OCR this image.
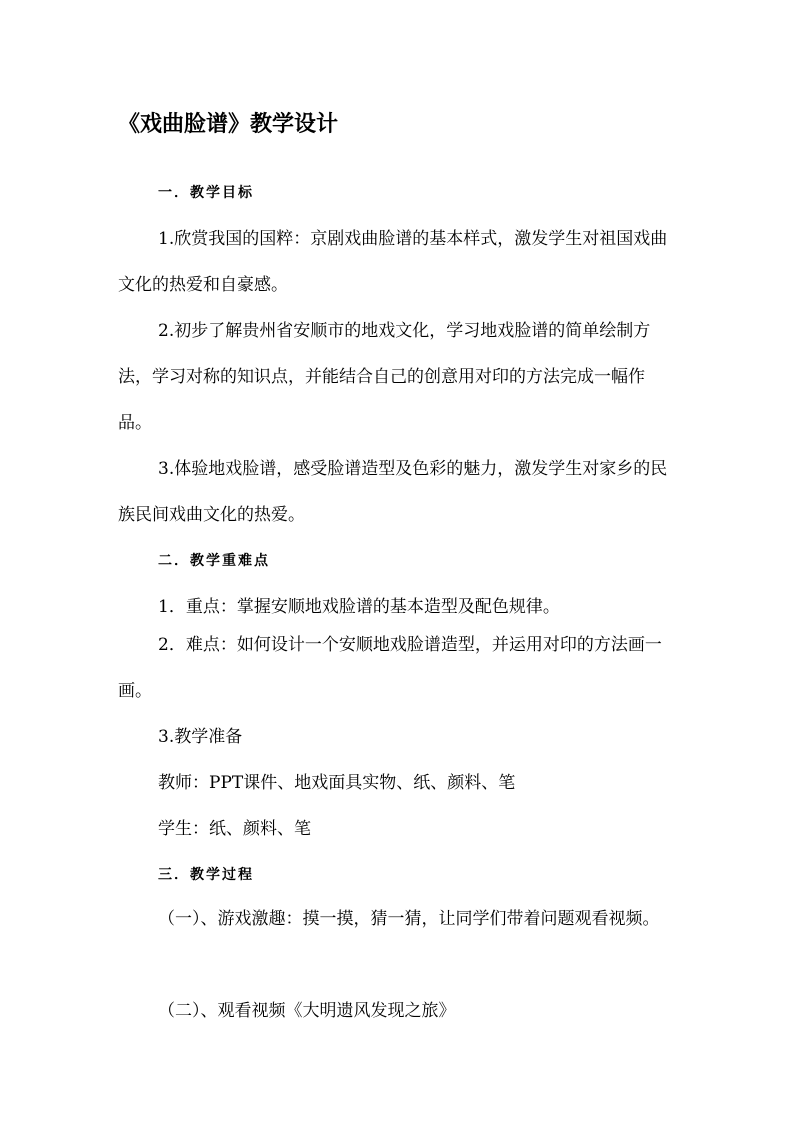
《戏曲脸谱》教学设计

一．教学目标

1.欣赏我国的国粹：京剧戏曲脸谱的基本样式，激发学生对祖国戏曲文化的热爱和自豪感。

2.初步了解贵州省安顺市的地戏文化，学习地戏脸谱的简单绘制方法，学习对称的知识点，并能结合自己的创意用对印的方法完成一幅作品。

3.体验地戏脸谱，感受脸谱造型及色彩的魅力，激发学生对家乡的民族民间戏曲文化的热爱。

二．教学重难点

1．重点：掌握安顺地戏脸谱的基本造型及配色规律。

2．难点：如何设计一个安顺地戏脸谱造型，并运用对印的方法画一画。

3.教学准备

教师：PPT课件、地戏面具实物、纸、颜料、笔

学生：纸、颜料、笔

三．教学过程

（一）、游戏激趣：摸一摸，猜一猜，让同学们带着问题观看视频。

（二）、观看视频《大明遗风发现之旅》
